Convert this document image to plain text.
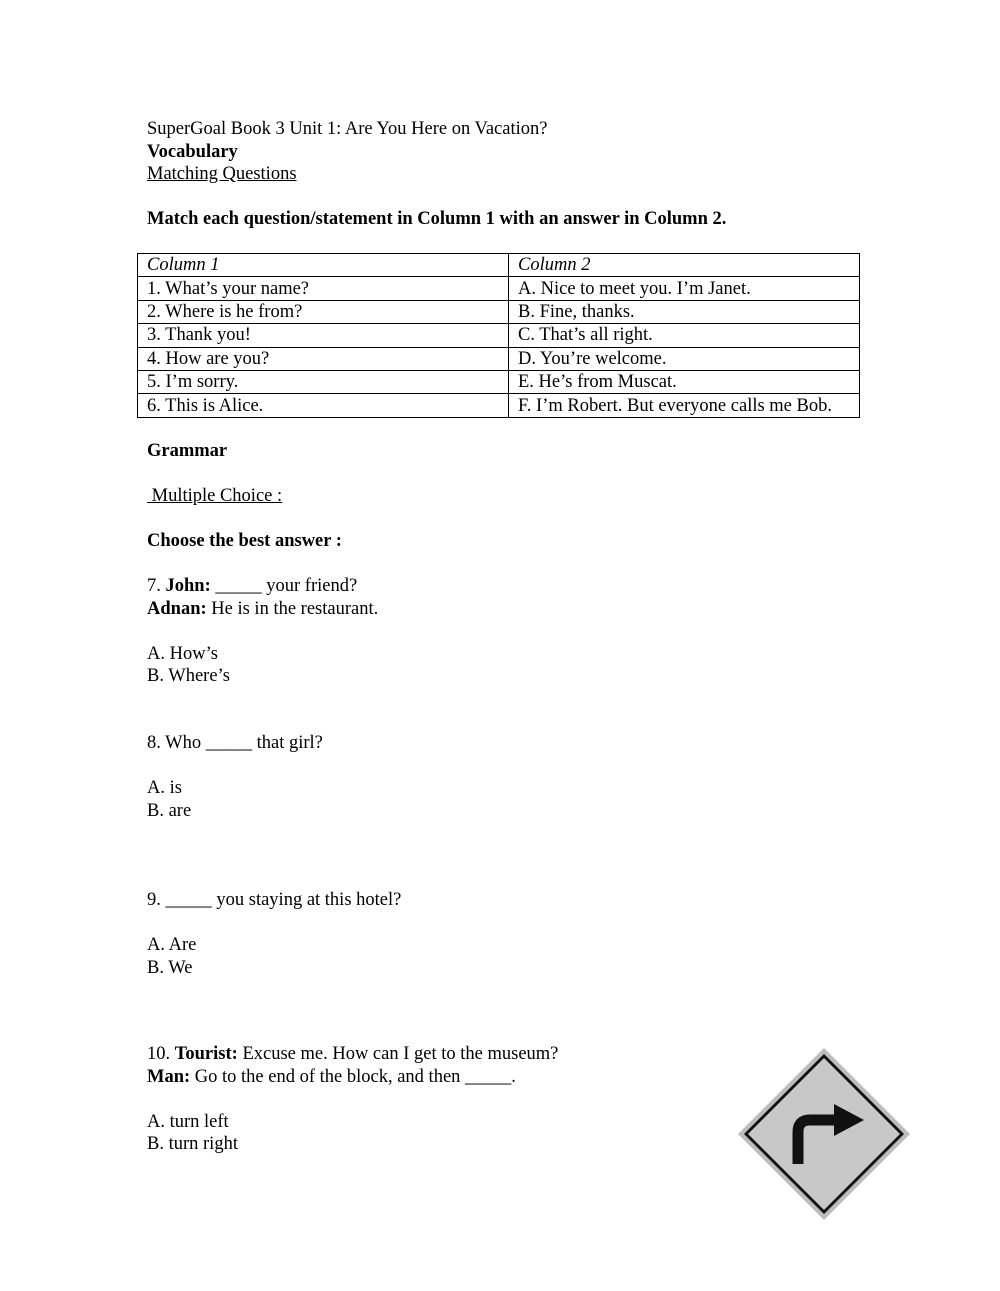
SuperGoal Book 3 Unit 1: Are You Here on Vacation?
Vocabulary
Matching Questions
Match each question/statement in Column 1 with an answer in Column 2.
Column 1	Column 2
1. What’s your name?	A. Nice to meet you. I’m Janet.
2. Where is he from?	B. Fine, thanks.
3. Thank you!	C. That’s all right.
4. How are you?	D. You’re welcome.
5. I’m sorry.	E. He’s from Muscat.
6. This is Alice.	F. I’m Robert. But everyone calls me Bob.
Grammar
Multiple Choice :
Choose the best answer :
7. John: _____ your friend?
Adnan: He is in the restaurant.
A. How’s
B. Where’s
8. Who _____ that girl?
A. is
B. are
9. _____ you staying at this hotel?
A. Are
B. We
10. Tourist: Excuse me. How can I get to the museum?
Man: Go to the end of the block, and then _____.
A. turn left
B. turn right
